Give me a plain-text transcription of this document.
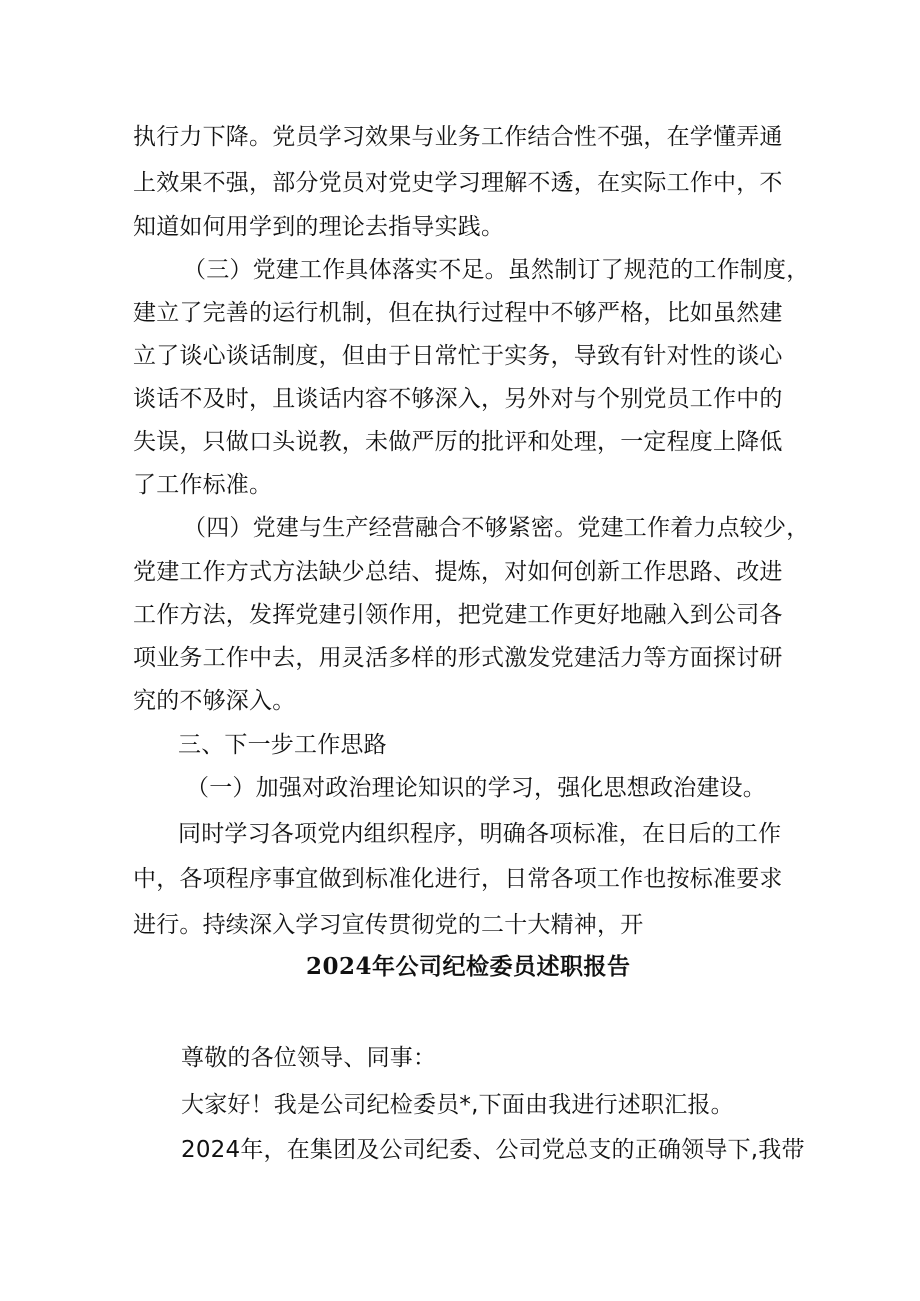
执行力下降。党员学习效果与业务工作结合性不强，在学懂弄通
上效果不强，部分党员对党史学习理解不透，在实际工作中，不
知道如何用学到的理论去指导实践。
（三）党建工作具体落实不足。虽然制订了规范的工作制度，
建立了完善的运行机制，但在执行过程中不够严格，比如虽然建
立了谈心谈话制度，但由于日常忙于实务，导致有针对性的谈心
谈话不及时，且谈话内容不够深入，另外对与个别党员工作中的
失误，只做口头说教，未做严厉的批评和处理，一定程度上降低
了工作标准。
（四）党建与生产经营融合不够紧密。党建工作着力点较少，
党建工作方式方法缺少总结、提炼，对如何创新工作思路、改进
工作方法，发挥党建引领作用，把党建工作更好地融入到公司各
项业务工作中去，用灵活多样的形式激发党建活力等方面探讨研
究的不够深入。
三、下一步工作思路
（一）加强对政治理论知识的学习，强化思想政治建设。
同时学习各项党内组织程序，明确各项标准，在日后的工作
中，各项程序事宜做到标准化进行，日常各项工作也按标准要求
进行。持续深入学习宣传贯彻党的二十大精神，开
2024年公司纪检委员述职报告
尊敬的各位领导、同事：
大家好！我是公司纪检委员*,下面由我进行述职汇报。
2024年，在集团及公司纪委、公司党总支的正确领导下,我带
